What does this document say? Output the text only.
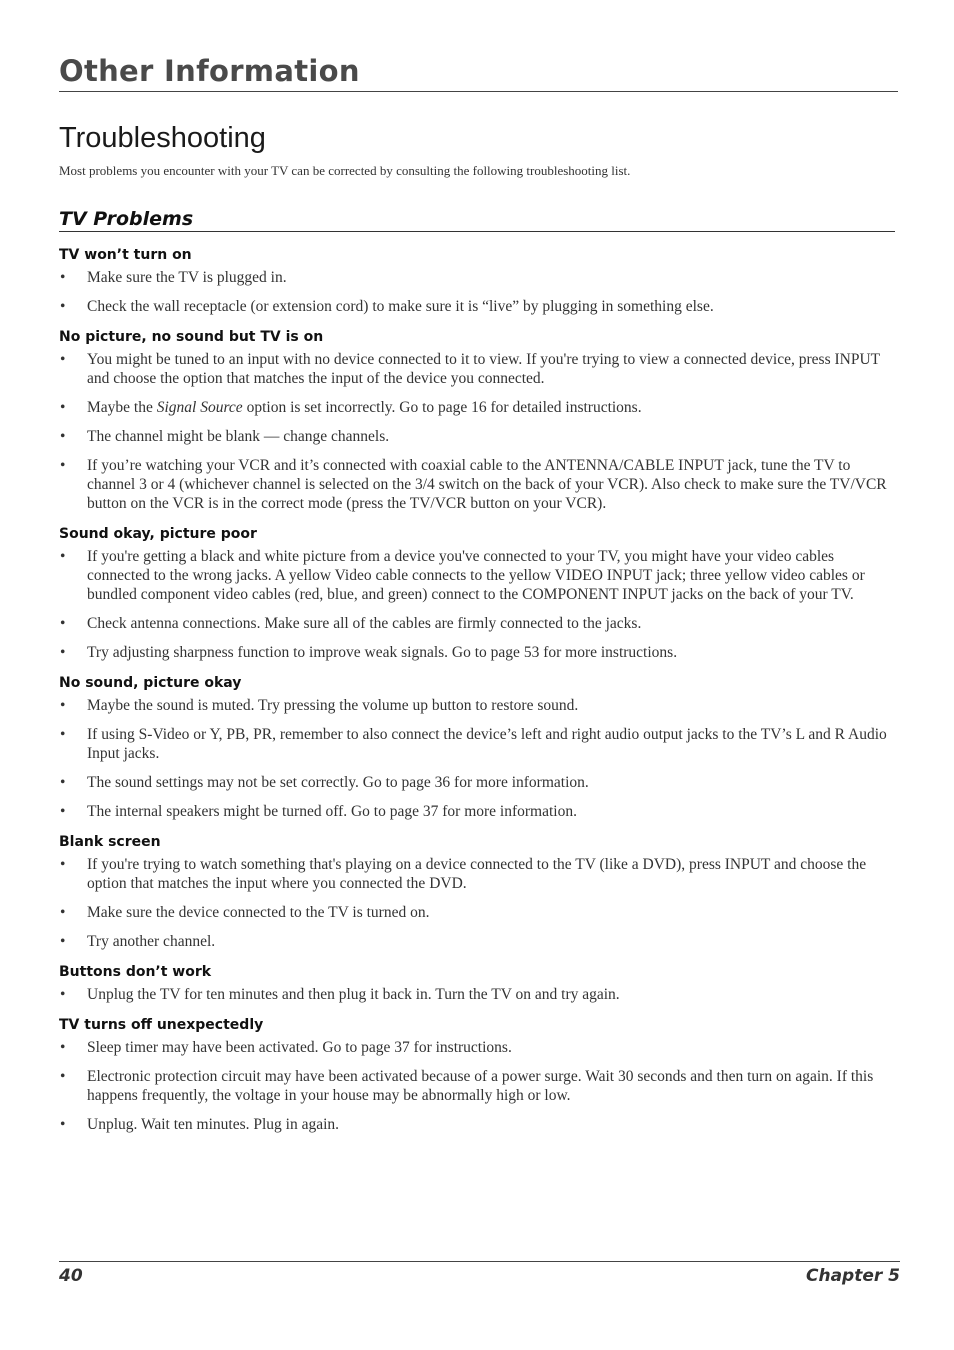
Other Information
Troubleshooting

Most problems you encounter with your TV can be corrected by consulting the following troubleshooting list.

TV Problems
TV won’t turn on
• Make sure the TV is plugged in.
• Check the wall receptacle (or extension cord) to make sure it is “live” by plugging in something else.
No picture, no sound but TV is on
• You might be tuned to an input with no device connected to it to view. If you're trying to view a connected device, press INPUT and choose the option that matches the input of the device you connected.
• Maybe the Signal Source option is set incorrectly. Go to page 16 for detailed instructions.
• The channel might be blank — change channels.
• If you’re watching your VCR and it’s connected with coaxial cable to the ANTENNA/CABLE INPUT jack, tune the TV to channel 3 or 4 (whichever channel is selected on the 3/4 switch on the back of your VCR). Also check to make sure the TV/VCR button on the VCR is in the correct mode (press the TV/VCR button on your VCR).
Sound okay, picture poor
• If you're getting a black and white picture from a device you've connected to your TV, you might have your video cables connected to the wrong jacks. A yellow Video cable connects to the yellow VIDEO INPUT jack; three yellow video cables or bundled component video cables (red, blue, and green) connect to the COMPONENT INPUT jacks on the back of your TV.
• Check antenna connections. Make sure all of the cables are firmly connected to the jacks.
• Try adjusting sharpness function to improve weak signals. Go to page 53 for more instructions.
No sound, picture okay
• Maybe the sound is muted. Try pressing the volume up button to restore sound.
• If using S-Video or Y, PB, PR, remember to also connect the device’s left and right audio output jacks to the TV’s L and R Audio Input jacks.
• The sound settings may not be set correctly. Go to page 36 for more information.
• The internal speakers might be turned off. Go to page 37 for more information.
Blank screen
• If you're trying to watch something that's playing on a device connected to the TV (like a DVD), press INPUT and choose the option that matches the input where you connected the DVD.
• Make sure the device connected to the TV is turned on.
• Try another channel.
Buttons don’t work
• Unplug the TV for ten minutes and then plug it back in. Turn the TV on and try again.
TV turns off unexpectedly
• Sleep timer may have been activated. Go to page 37 for instructions.
• Electronic protection circuit may have been activated because of a power surge. Wait 30 seconds and then turn on again. If this happens frequently, the voltage in your house may be abnormally high or low.
• Unplug. Wait ten minutes. Plug in again.
40	Chapter 5
